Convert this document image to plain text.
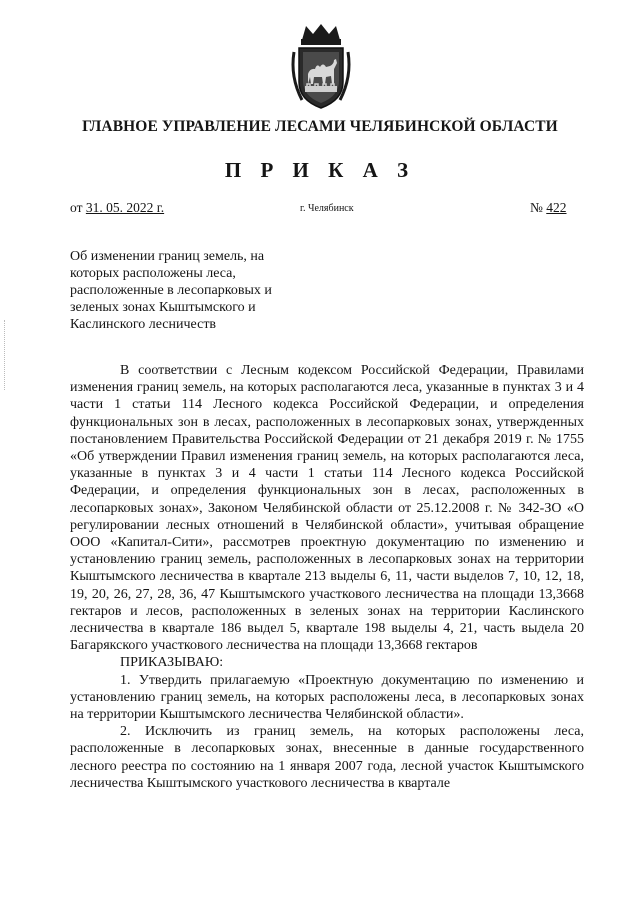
ГЛАВНОЕ УПРАВЛЕНИЕ ЛЕСАМИ ЧЕЛЯБИНСКОЙ ОБЛАСТИ
П Р И К А З
от 31. 05. 2022 г.	г. Челябинск	№ 422
Об изменении границ земель, на
которых расположены леса,
расположенные в лесопарковых и
зеленых зонах Кыштымского и
Каслинского лесничеств

В соответствии с Лесным кодексом Российской Федерации, Правилами изменения границ земель, на которых располагаются леса, указанные в пунктах 3 и 4 части 1 статьи 114 Лесного кодекса Российской Федерации, и определения функциональных зон в лесах, расположенных в лесопарковых зонах, утвержденных постановлением Правительства Российской Федерации от 21 декабря 2019 г. № 1755 «Об утверждении Правил изменения границ земель, на которых располагаются леса, указанные в пунктах 3 и 4 части 1 статьи 114 Лесного кодекса Российской Федерации, и определения функциональных зон в лесах, расположенных в лесопарковых зонах», Законом Челябинской области от 25.12.2008 г. № 342-ЗО «О регулировании лесных отношений в Челябинской области», учитывая обращение ООО «Капитал-Сити», рассмотрев проектную документацию по изменению и установлению границ земель, расположенных в лесопарковых зонах на территории Кыштымского лесничества в квартале 213 выделы 6, 11, части выделов 7, 10, 12, 18, 19, 20, 26, 27, 28, 36, 47 Кыштымского участкового лесничества на площади 13,3668 гектаров и лесов, расположенных в зеленых зонах на территории Каслинского лесничества в квартале 186 выдел 5, квартале 198 выделы 4, 21, часть выдела 20 Багарякского участкового лесничества на площади 13,3668 гектаров

ПРИКАЗЫВАЮ:

1. Утвердить прилагаемую «Проектную документацию по изменению и установлению границ земель, на которых расположены леса, в лесопарковых зонах на территории Кыштымского лесничества Челябинской области».

2. Исключить из границ земель, на которых расположены леса, расположенные в лесопарковых зонах, внесенные в данные государственного лесного реестра по состоянию на 1 января 2007 года, лесной участок Кыштымского лесничества Кыштымского участкового лесничества в квартале
